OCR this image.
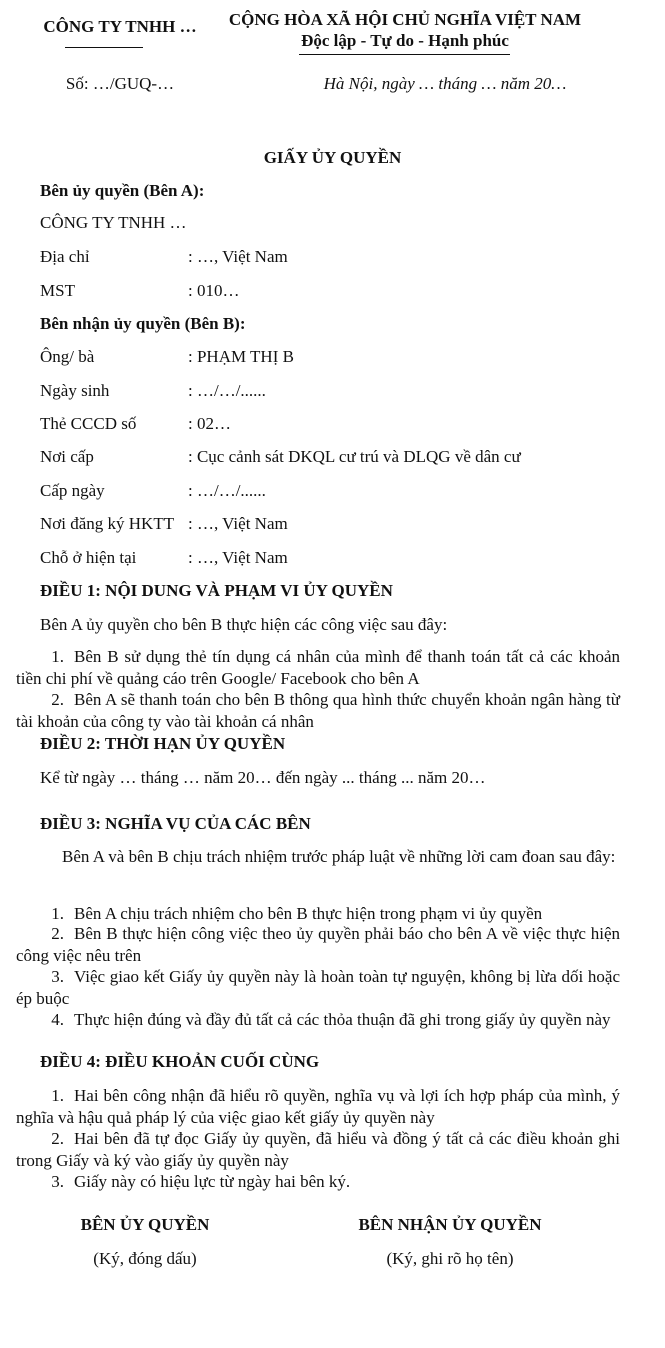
CÔNG TY TNHH …
Số: …/GUQ-…
CỘNG HÒA XÃ HỘI CHỦ NGHĨA VIỆT NAM
Độc lập - Tự do - Hạnh phúc
Hà Nội, ngày … tháng … năm 20…
GIẤY ỦY QUYỀN
Bên ủy quyền (Bên A):
CÔNG TY TNHH …
Địa chỉ	: …, Việt Nam
MST	: 010…
Bên nhận ủy quyền (Bên B):
Ông/ bà	: PHẠM THỊ B
Ngày sinh	: …/…/......
Thẻ CCCD số	: 02…
Nơi cấp	: Cục cảnh sát DKQL cư trú và DLQG về dân cư
Cấp ngày	: …/…/......
Nơi đăng ký HKTT : …, Việt Nam
Chỗ ở hiện tại	: …, Việt Nam
ĐIỀU 1: NỘI DUNG VÀ PHẠM VI ỦY QUYỀN
Bên A ủy quyền cho bên B thực hiện các công việc sau đây:
1. Bên B sử dụng thẻ tín dụng cá nhân của mình để thanh toán tất cả các khoản tiền chi phí về quảng cáo trên Google/ Facebook cho bên A
2. Bên A sẽ thanh toán cho bên B thông qua hình thức chuyển khoản ngân hàng từ tài khoản của công ty vào tài khoản cá nhân
ĐIỀU 2: THỜI HẠN ỦY QUYỀN
Kể từ ngày … tháng … năm 20… đến ngày ... tháng ... năm 20…
ĐIỀU 3: NGHĨA VỤ CỦA CÁC BÊN
Bên A và bên B chịu trách nhiệm trước pháp luật về những lời cam đoan sau đây:
1. Bên A chịu trách nhiệm cho bên B thực hiện trong phạm vi ủy quyền
2. Bên B thực hiện công việc theo ủy quyền phải báo cho bên A về việc thực hiện công việc nêu trên
3. Việc giao kết Giấy ủy quyền này là hoàn toàn tự nguyện, không bị lừa dối hoặc ép buộc
4. Thực hiện đúng và đầy đủ tất cả các thỏa thuận đã ghi trong giấy ủy quyền này
ĐIỀU 4: ĐIỀU KHOẢN CUỐI CÙNG
1. Hai bên công nhận đã hiểu rõ quyền, nghĩa vụ và lợi ích hợp pháp của mình, ý nghĩa và hậu quả pháp lý của việc giao kết giấy ủy quyền này
2. Hai bên đã tự đọc Giấy ủy quyền, đã hiểu và đồng ý tất cả các điều khoản ghi trong Giấy và ký vào giấy ủy quyền này
3. Giấy này có hiệu lực từ ngày hai bên ký.
BÊN ỦY QUYỀN
(Ký, đóng dấu)
BÊN NHẬN ỦY QUYỀN
(Ký, ghi rõ họ tên)
